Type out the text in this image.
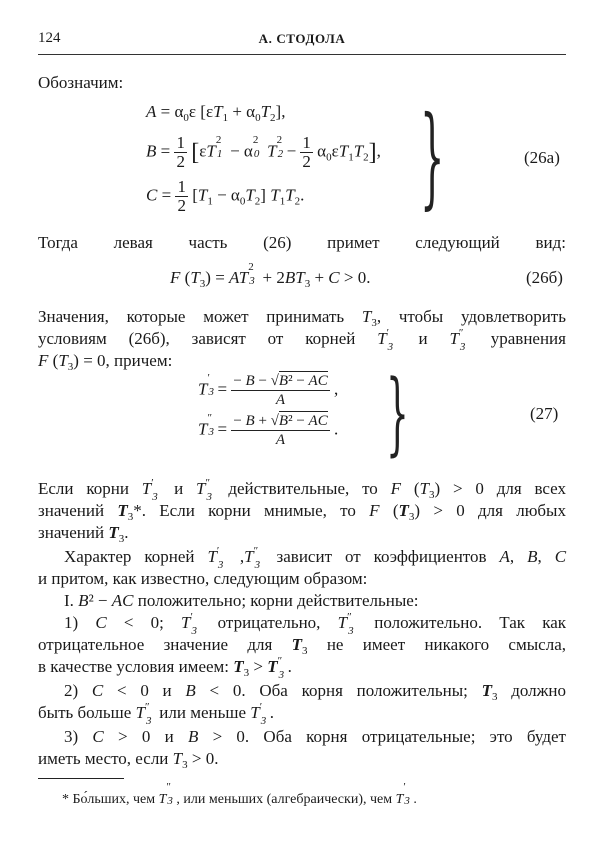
124	А. СТОДОЛА
Обозначим:
$A = \alpha_0\varepsilon$ $[\varepsilon T_1 + \alpha_0T_2]$,
$B = \frac{1}{2} [\varepsilon T$
2
1 − α
2
0 T
2
$2 - \frac{1}{2} \alpha_0\varepsilon T_1T_2$],
$C = \frac{1}{2} [T_1 - \alpha_0T_2]$ $T_1T_2$. }	(26а)
Тогда левая часть (26) примет следующий вид:
F $(T_3)$ = AT
2
$3 + 2BT_3 + C > 0$.	(26б)
Значения, которые может принимать $T_3$, чтобы удовлетворить
условиям (26б), зависят от корней T ′
3 и T ″
3 уравнения
F $(T_3) = 0$, причем:
T
′
$3 = \frac{\text{− B − √B² − AC}}{A}$ ,
T
″
$3 = \frac{\text{− B + √B² − AC}}{A}$ . }	(27)
Если корни T ′
3 и T ″
3 действительные, то F $(T_3) > 0$ для всех
значений $T_3*$. Если корни мнимые, то F $(T_3) > 0$ для любых
значений $T_3$.
Характер корней T ′
3 ,T ″
3 зависит от коэффициентов A, B, C
и притом, как известно, следующим образом:
I. B² − AC положительно; корни действительные:
1) C < 0; T ′
3 отрицательно, T ″
3 положительно. Так как
отрицательное значение для $T_3$ не имеет никакого смысла,
в качестве условия имеем: $T_3 > T$ ″
3 .
2) C < 0 и B < 0. Оба корня положительны; $T_3$ должно
быть больше T ″
3 или меньше T ′
3 .
3) C > 0 и B > 0. Оба корня отрицательные; это будет
иметь место, если $T_3 > 0$.
* Бо́льших, чем T
″
3 , или меньших (алгебраически), чем T
′
3 .
